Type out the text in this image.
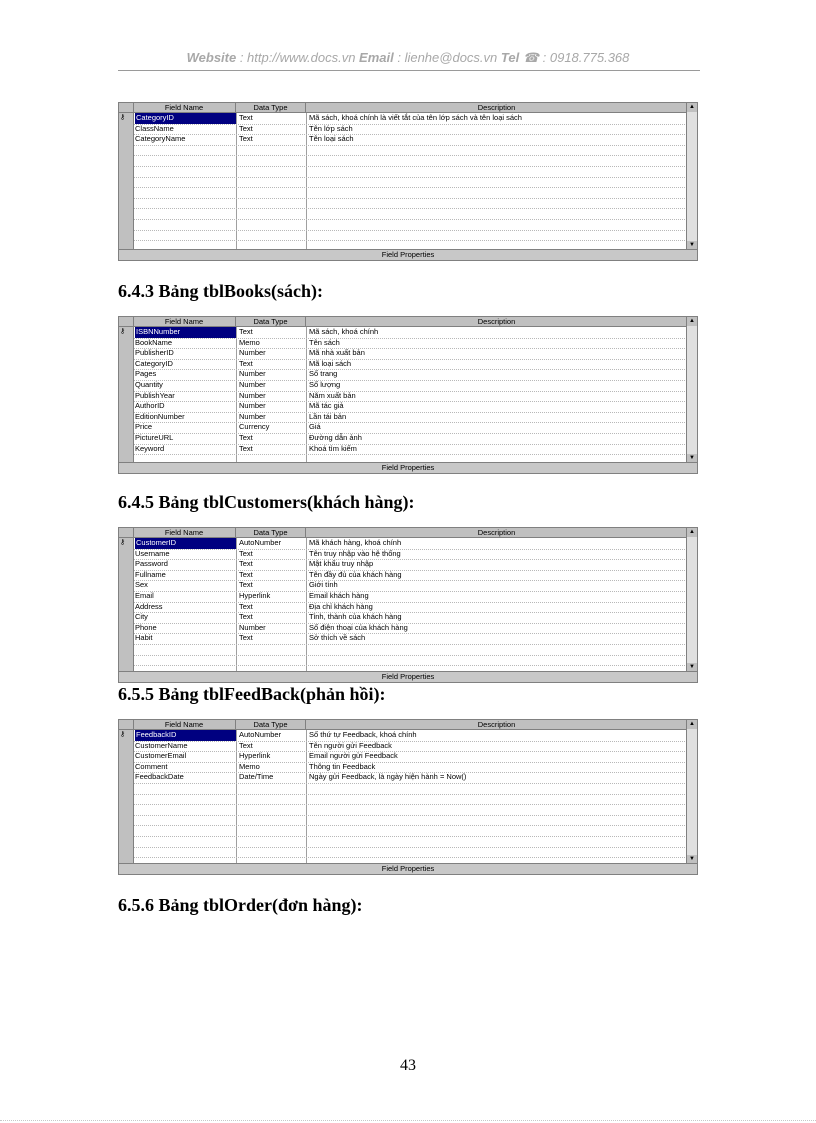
Website : http://www.docs.vn Email : lienhe@docs.vn Tel ☎ : 0918.775.368
Field Name	Data Type	Description
⚷	CategoryID	Text	Mã sách, khoá chính là viết tắt của tên lớp sách và tên loại sách
ClassName	Text	Tên lớp sách
CategoryName	Text	Tên loại sách
▲
▼
Field Properties
6.4.3 Bảng tblBooks(sách):
Field Name	Data Type	Description
⚷	ISBNNumber	Text	Mã sách, khoá chính
BookName	Memo	Tên sách
PublisherID	Number	Mã nhà xuất bản
CategoryID	Text	Mã loại sách
Pages	Number	Số trang
Quantity	Number	Số lượng
PublishYear	Number	Năm xuất bản
AuthorID	Number	Mã tác giả
EditionNumber	Number	Lần tái bản
Price	Currency	Giá
PictureURL	Text	Đường dẫn ảnh
Keyword	Text	Khoá tìm kiếm
▲
▼
Field Properties
6.4.5 Bảng tblCustomers(khách hàng):
Field Name	Data Type	Description
⚷	CustomerID	AutoNumber	Mã khách hàng, khoá chính
Username	Text	Tên truy nhập vào hệ thống
Password	Text	Mật khẩu truy nhập
Fullname	Text	Tên đầy đủ của khách hàng
Sex	Text	Giới tính
Email	Hyperlink	Email khách hàng
Address	Text	Địa chỉ khách hàng
City	Text	Tỉnh, thành của khách hàng
Phone	Number	Số điện thoại của khách hàng
Habit	Text	Sở thích về sách
▲
▼
Field Properties
6.5.5 Bảng tblFeedBack(phản hồi):
Field Name	Data Type	Description
⚷	FeedbackID	AutoNumber	Số thứ tự Feedback, khoá chính
CustomerName	Text	Tên người gửi Feedback
CustomerEmail	Hyperlink	Email người gửi Feedback
Comment	Memo	Thông tin Feedback
FeedbackDate	Date/Time	Ngày gửi Feedback, là ngày hiện hành = Now()
▲
▼
Field Properties
6.5.6 Bảng tblOrder(đơn hàng):
43
